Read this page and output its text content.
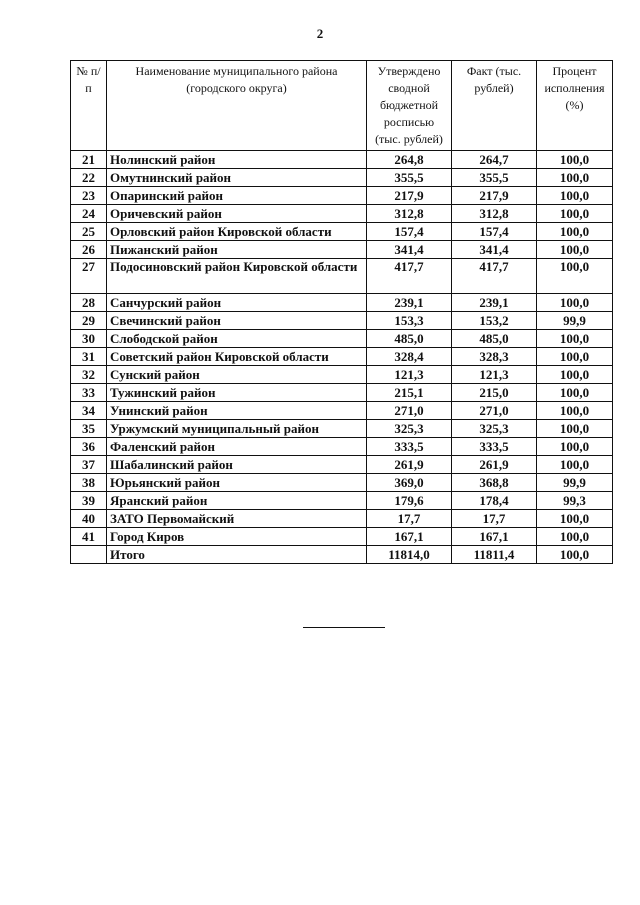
2
№ п/п	Наименование муниципального района (городского округа)	Утверждено сводной бюджетной росписью (тыс. рублей)	Факт (тыс. рублей)	Процент исполнения (%)
21	Нолинский район	264,8	264,7	100,0
22	Омутнинский район	355,5	355,5	100,0
23	Опаринский район	217,9	217,9	100,0
24	Оричевский район	312,8	312,8	100,0
25	Орловский район Кировской области	157,4	157,4	100,0
26	Пижанский район	341,4	341,4	100,0
27	Подосиновский район Кировской области	417,7	417,7	100,0
28	Санчурский район	239,1	239,1	100,0
29	Свечинский район	153,3	153,2	99,9
30	Слободской район	485,0	485,0	100,0
31	Советский район Кировской области	328,4	328,3	100,0
32	Сунский район	121,3	121,3	100,0
33	Тужинский район	215,1	215,0	100,0
34	Унинский район	271,0	271,0	100,0
35	Уржумский муниципальный район	325,3	325,3	100,0
36	Фаленский район	333,5	333,5	100,0
37	Шабалинский район	261,9	261,9	100,0
38	Юрьянский район	369,0	368,8	99,9
39	Яранский район	179,6	178,4	99,3
40	ЗАТО Первомайский	17,7	17,7	100,0
41	Город Киров	167,1	167,1	100,0
	Итого	11814,0	11811,4	100,0
